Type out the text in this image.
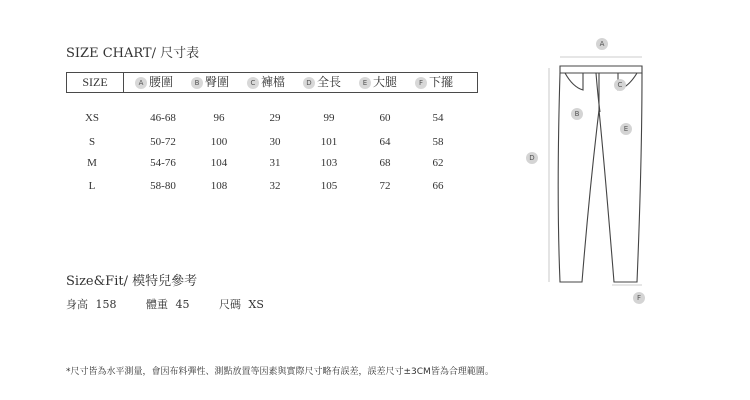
SIZE CHART/ 尺寸表
SIZE	A 腰圍	B 臀圍	C 褲檔	D 全長	E 大腿	F 下擺
XS	46-68	96	29	99	60	54
S	50-72	100	30	101	64	58
M	54-76	104	31	103	68	62
L	58-80	108	32	105	72	66
Size&Fit/ 模特兒參考
身高 158	體重 45	尺碼 XS
*尺寸皆為水平測量，會因布料彈性、測點放置等因素與實際尺寸略有誤差，誤差尺寸±3CM皆為合理範圍。
A
C
B
E
D
F
